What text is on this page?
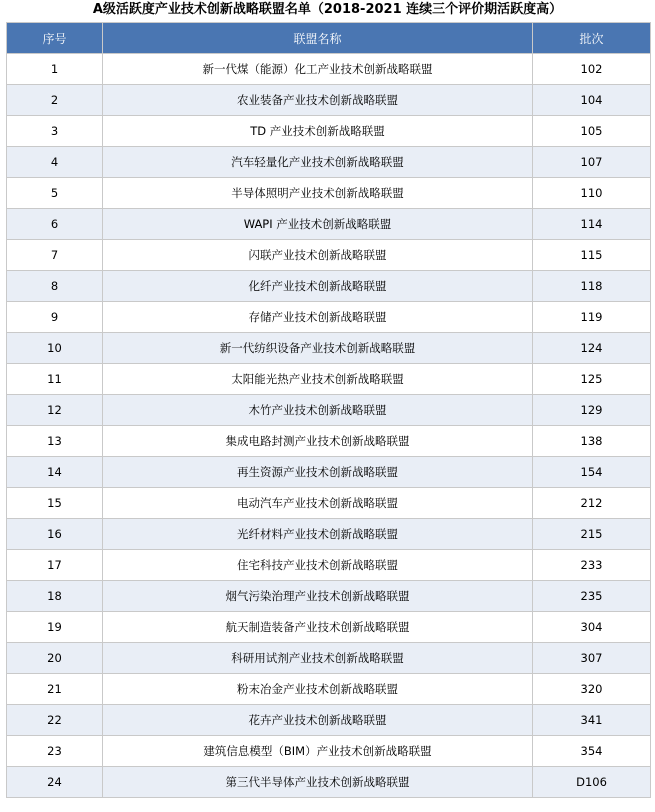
A级活跃度产业技术创新战略联盟名单（2018-2021 连续三个评价期活跃度高）
序号	联盟名称	批次
1	新一代煤（能源）化工产业技术创新战略联盟	102
2	农业装备产业技术创新战略联盟	104
3	TD 产业技术创新战略联盟	105
4	汽车轻量化产业技术创新战略联盟	107
5	半导体照明产业技术创新战略联盟	110
6	WAPI 产业技术创新战略联盟	114
7	闪联产业技术创新战略联盟	115
8	化纤产业技术创新战略联盟	118
9	存储产业技术创新战略联盟	119
10	新一代纺织设备产业技术创新战略联盟	124
11	太阳能光热产业技术创新战略联盟	125
12	木竹产业技术创新战略联盟	129
13	集成电路封测产业技术创新战略联盟	138
14	再生资源产业技术创新战略联盟	154
15	电动汽车产业技术创新战略联盟	212
16	光纤材料产业技术创新战略联盟	215
17	住宅科技产业技术创新战略联盟	233
18	烟气污染治理产业技术创新战略联盟	235
19	航天制造装备产业技术创新战略联盟	304
20	科研用试剂产业技术创新战略联盟	307
21	粉末冶金产业技术创新战略联盟	320
22	花卉产业技术创新战略联盟	341
23	建筑信息模型（BIM）产业技术创新战略联盟	354
24	第三代半导体产业技术创新战略联盟	D106
